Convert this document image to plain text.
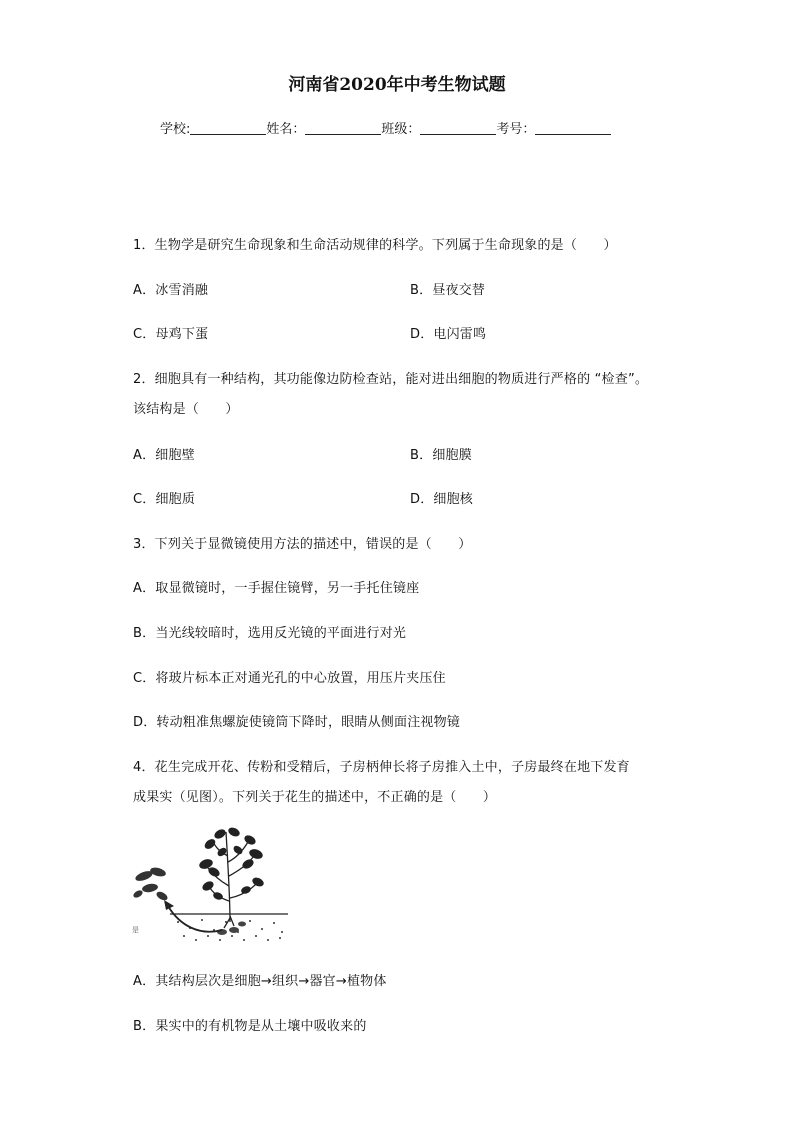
河南省2020年中考生物试题
学校:	姓名：	班级：	考号：
1．生物学是研究生命现象和生命活动规律的科学。下列属于生命现象的是（　　）
A．冰雪消融	B．昼夜交替
C．母鸡下蛋	D．电闪雷鸣
2．细胞具有一种结构，其功能像边防检查站，能对进出细胞的物质进行严格的 “检查”。
该结构是（　　）
A．细胞壁	B．细胞膜
C．细胞质	D．细胞核
3．下列关于显微镜使用方法的描述中，错误的是（　　）
A．取显微镜时，一手握住镜臂，另一手托住镜座
B．当光线较暗时，选用反光镜的平面进行对光
C．将玻片标本正对通光孔的中心放置，用压片夹压住
D．转动粗准焦螺旋使镜筒下降时，眼睛从侧面注视物镜
4．花生完成开花、传粉和受精后，子房柄伸长将子房推入土中，子房最终在地下发育
成果实（见图）。下列关于花生的描述中，不正确的是（　　）
是
A．其结构层次是细胞→组织→器官→植物体
B．果实中的有机物是从土壤中吸收来的
